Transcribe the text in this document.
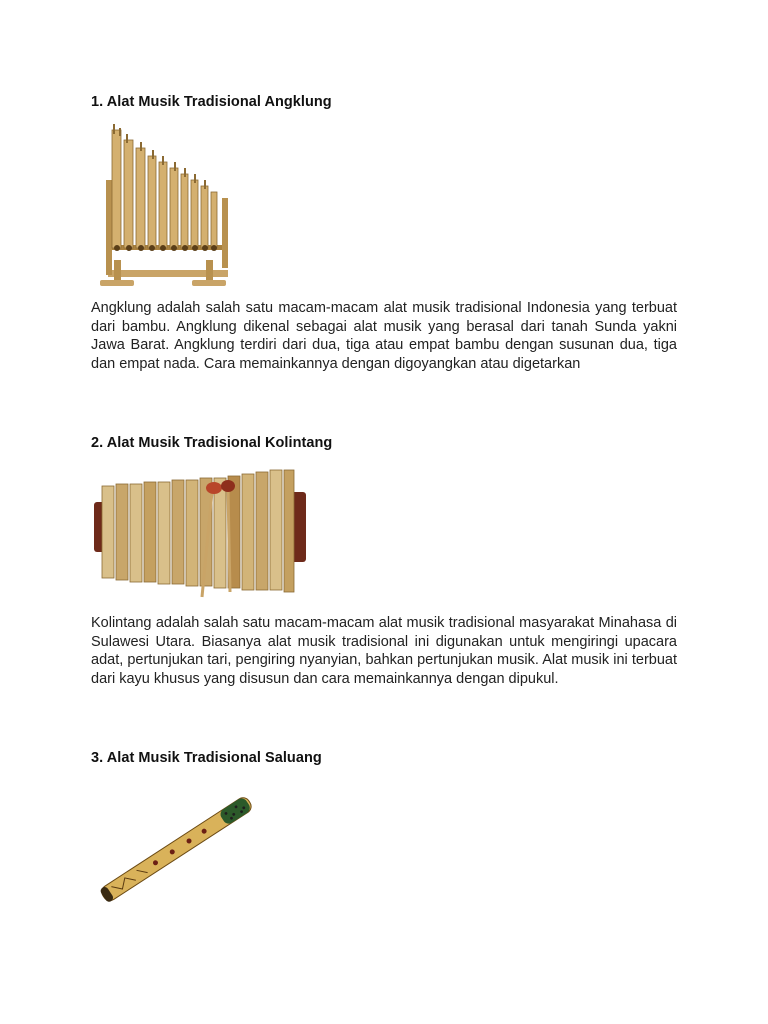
1. Alat Musik Tradisional Angklung

Angklung adalah salah satu macam-macam alat musik tradisional Indonesia yang terbuat dari bambu. Angklung dikenal sebagai alat musik yang berasal dari tanah Sunda yakni Jawa Barat. Angklung terdiri dari dua, tiga atau empat bambu dengan susunan dua, tiga dan empat nada. Cara memainkannya dengan digoyangkan atau digetarkan

2. Alat Musik Tradisional Kolintang

Kolintang adalah salah satu macam-macam alat musik tradisional masyarakat Minahasa di Sulawesi Utara. Biasanya alat musik tradisional ini digunakan untuk mengiringi upacara adat, pertunjukan tari, pengiring nyanyian, bahkan pertunjukan musik. Alat musik ini terbuat dari kayu khusus yang disusun dan cara memainkannya dengan dipukul.

3. Alat Musik Tradisional Saluang
